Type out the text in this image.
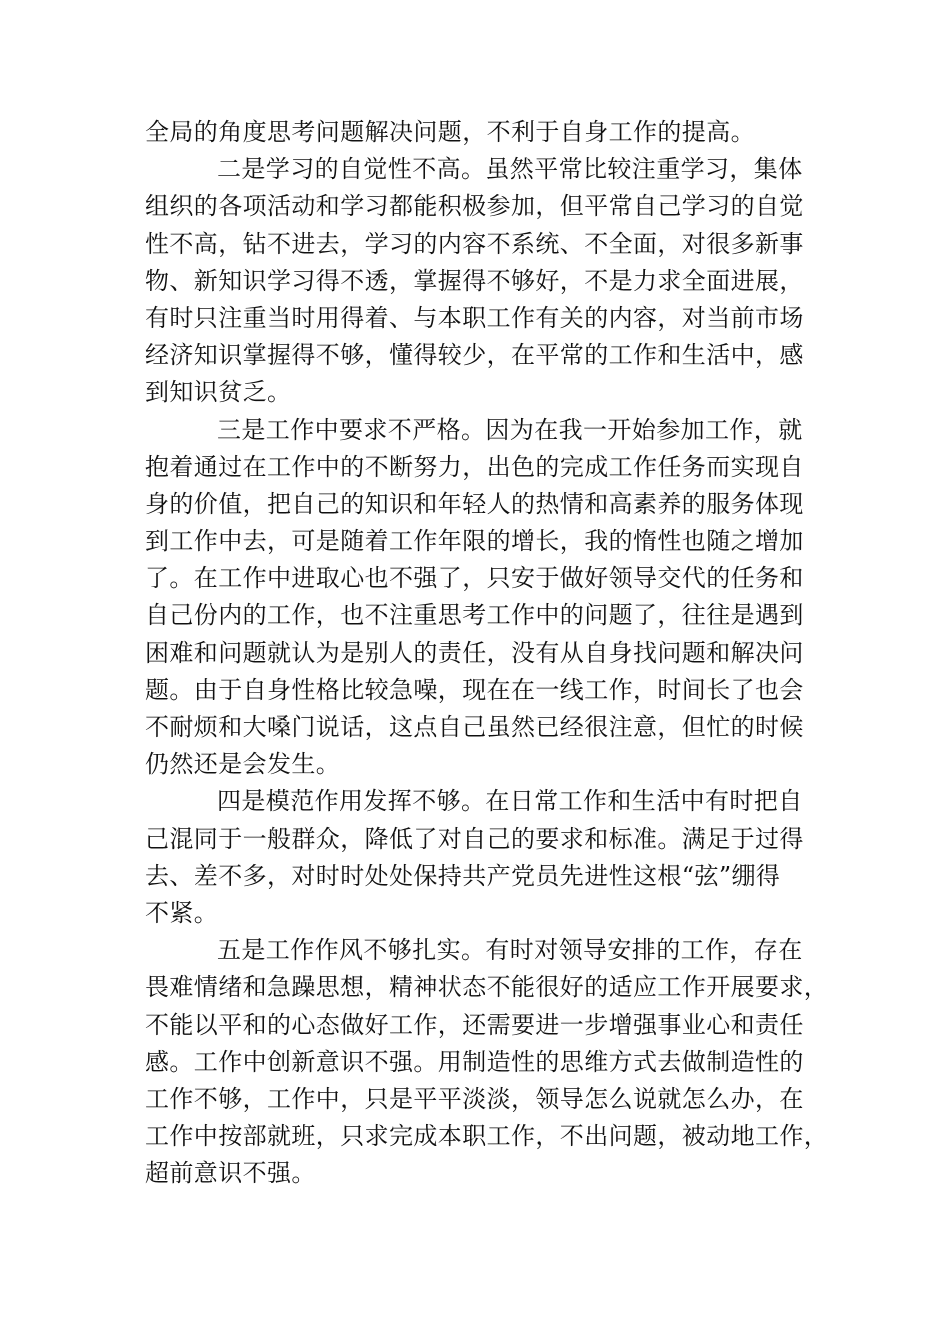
全局的角度思考问题解决问题，不利于自身工作的提高。

二是学习的自觉性不高。虽然平常比较注重学习，集体
组织的各项活动和学习都能积极参加，但平常自己学习的自觉
性不高，钻不进去，学习的内容不系统、不全面，对很多新事
物、新知识学习得不透，掌握得不够好，不是力求全面进展，
有时只注重当时用得着、与本职工作有关的内容，对当前市场
经济知识掌握得不够，懂得较少，在平常的工作和生活中，感
到知识贫乏。

三是工作中要求不严格。因为在我一开始参加工作，就
抱着通过在工作中的不断努力，出色的完成工作任务而实现自
身的价值，把自己的知识和年轻人的热情和高素养的服务体现
到工作中去，可是随着工作年限的增长，我的惰性也随之增加
了。在工作中进取心也不强了，只安于做好领导交代的任务和
自己份内的工作，也不注重思考工作中的问题了，往往是遇到
困难和问题就认为是别人的责任，没有从自身找问题和解决问
题。由于自身性格比较急噪，现在在一线工作，时间长了也会
不耐烦和大嗓门说话，这点自己虽然已经很注意，但忙的时候
仍然还是会发生。

四是模范作用发挥不够。在日常工作和生活中有时把自
己混同于一般群众，降低了对自己的要求和标准。满足于过得
去、差不多，对时时处处保持共产党员先进性这根“弦”绷得
不紧。

五是工作作风不够扎实。有时对领导安排的工作，存在
畏难情绪和急躁思想，精神状态不能很好的适应工作开展要求，
不能以平和的心态做好工作，还需要进一步增强事业心和责任
感。工作中创新意识不强。用制造性的思维方式去做制造性的
工作不够，工作中，只是平平淡淡，领导怎么说就怎么办，在
工作中按部就班，只求完成本职工作，不出问题，被动地工作，
超前意识不强。
